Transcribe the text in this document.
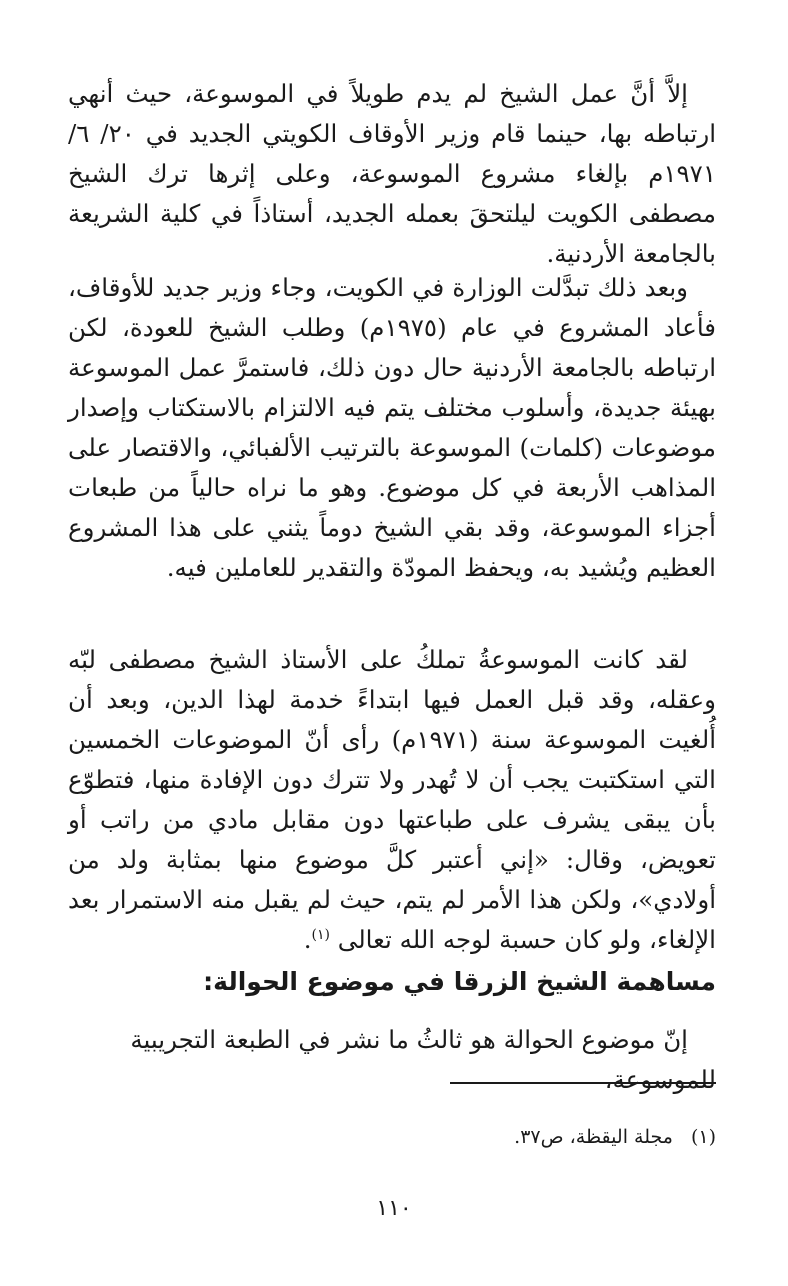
إلاَّ أنَّ عمل الشيخ لم يدم طويلاً في الموسوعة، حيث أنهي ارتباطه بها، حينما قام وزير الأوقاف الكويتي الجديد في ٢٠/ ٦/ ١٩٧١م بإلغاء مشروع الموسوعة، وعلى إثرها ترك الشيخ مصطفى الكويت ليلتحقَ بعمله الجديد، أستاذاً في كلية الشريعة بالجامعة الأردنية.

وبعد ذلك تبدَّلت الوزارة في الكويت، وجاء وزير جديد للأوقاف، فأعاد المشروع في عام (١٩٧٥م) وطلب الشيخ للعودة، لكن ارتباطه بالجامعة الأردنية حال دون ذلك، فاستمرَّ عمل الموسوعة بهيئة جديدة، وأسلوب مختلف يتم فيه الالتزام بالاستكتاب وإصدار موضوعات (كلمات) الموسوعة بالترتيب الألفبائي، والاقتصار على المذاهب الأربعة في كل موضوع. وهو ما نراه حالياً من طبعات أجزاء الموسوعة، وقد بقي الشيخ دوماً يثني على هذا المشروع العظيم ويُشيد به، ويحفظ المودّة والتقدير للعاملين فيه.

لقد كانت الموسوعةُ تملكُ على الأستاذ الشيخ مصطفى لبّه وعقله، وقد قبل العمل فيها ابتداءً خدمة لهذا الدين، وبعد أن أُلغيت الموسوعة سنة (١٩٧١م) رأى أنّ الموضوعات الخمسين التي استكتبت يجب أن لا تُهدر ولا تترك دون الإفادة منها، فتطوّع بأن يبقى يشرف على طباعتها دون مقابل مادي من راتب أو تعويض، وقال: «إني أعتبر كلَّ موضوع منها بمثابة ولد من أولادي»، ولكن هذا الأمر لم يتم، حيث لم يقبل منه الاستمرار بعد الإلغاء، ولو كان حسبة لوجه الله تعالى $^{(١)}$.

مساهمة الشيخ الزرقا في موضوع الحوالة:

إنّ موضوع الحوالة هو ثالثُ ما نشر في الطبعة التجريبية للموسوعة،

(١)مجلة اليقظة، ص٣٧.
١١٠
